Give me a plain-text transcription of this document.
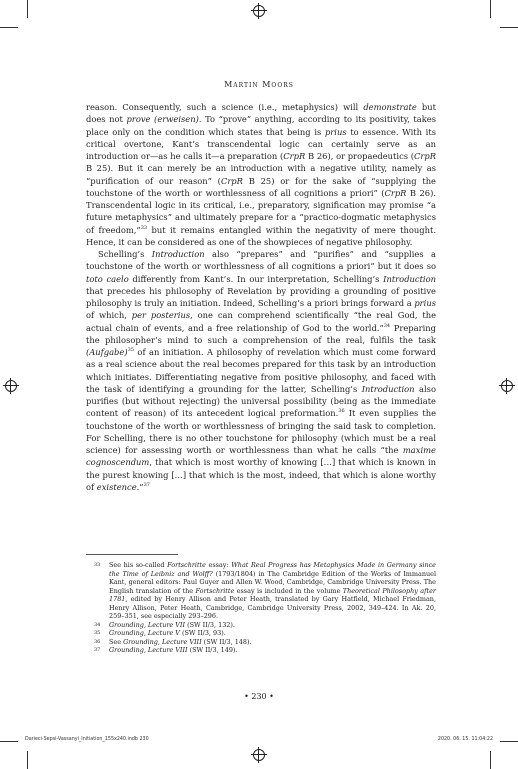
Martin Moors

reason. Consequently, such a science (i.e., metaphysics) will demonstrate but does not prove (erweisen). To “prove” anything, according to its positivity, takes place only on the condition which states that being is prius to essence. With its critical overtone, Kant’s transcendental logic can certainly serve as an introduction or—as he calls it—a preparation (CrpR B 26), or propaedeutics (CrpR B 25). But it can merely be an introduction with a negative utility, namely as “purification of our reason” (CrpR B 25) or for the sake of “supplying the touchstone of the worth or worthlessness of all cognitions a priori” (CrpR B 26). Transcendental logic in its critical, i.e., preparatory, signification may promise “a future metaphysics” and ultimately prepare for a “practico-dogmatic metaphysics of freedom,”$^{33}$ but it remains entangled within the negativity of mere thought. Hence, it can be considered as one of the showpieces of negative philosophy.

Schelling’s Introduction also “prepares” and “purifies” and “supplies a touchstone of the worth or worthlessness of all cognitions a priori” but it does so toto caelo differently from Kant’s. In our interpretation, Schelling’s Introduction that precedes his philosophy of Revelation by providing a grounding of positive philosophy is truly an initiation. Indeed, Schelling’s a priori brings forward a prius of which, per posterius, one can comprehend scientifically “the real God, the actual chain of events, and a free relationship of God to the world.”$^{34}$ Preparing the philosopher’s mind to such a comprehension of the real, fulfils the task (Aufgabe)$^{35}$ of an initiation. A philosophy of revelation which must come forward as a real science about the real becomes prepared for this task by an introduction which initiates. Differentiating negative from positive philosophy, and faced with the task of identifying a grounding for the latter, Schelling’s Introduction also purifies (but without rejecting) the universal possibility (being as the immediate content of reason) of its antecedent logical preformation.$^{36}$ It even supplies the touchstone of the worth or worthlessness of bringing the said task to completion. For Schelling, there is no other touchstone for philosophy (which must be a real science) for assessing worth or worthlessness than what he calls “the maxime cognoscendum, that which is most worthy of knowing […] that which is known in the purest knowing […] that which is the most, indeed, that which is alone worthy of existence.”$^{37}$

33 See his so-called Fortschritte essay: What Real Progress has Metaphysics Made in Germany since the Time of Leibniz and Wolff? (1793/1804) in The Cambridge Edition of the Works of Immanuel Kant, general editors: Paul Guyer and Allen W. Wood, Cambridge, Cambridge University Press. The English translation of the Fortschritte essay is included in the volume Theoretical Philosophy after 1781, edited by Henry Allison and Peter Heath, translated by Gary Hatfield, Michael Friedman, Henry Allison, Peter Heath, Cambridge, Cambridge University Press, 2002, 349–424. In Ak. 20, 259–351, see especially 293–296.
34 Grounding, Lecture VII (SW II/3, 132).
35 Grounding, Lecture V (SW II/3, 93).
36 See Grounding, Lecture VIII (SW II/3, 148).
37 Grounding, Lecture VIII (SW II/3, 149).
• 230 •
Darieci-Sepsi-Vassanyi_Initiation_155x240.indb 230	2020. 06. 15. 11:04:22
